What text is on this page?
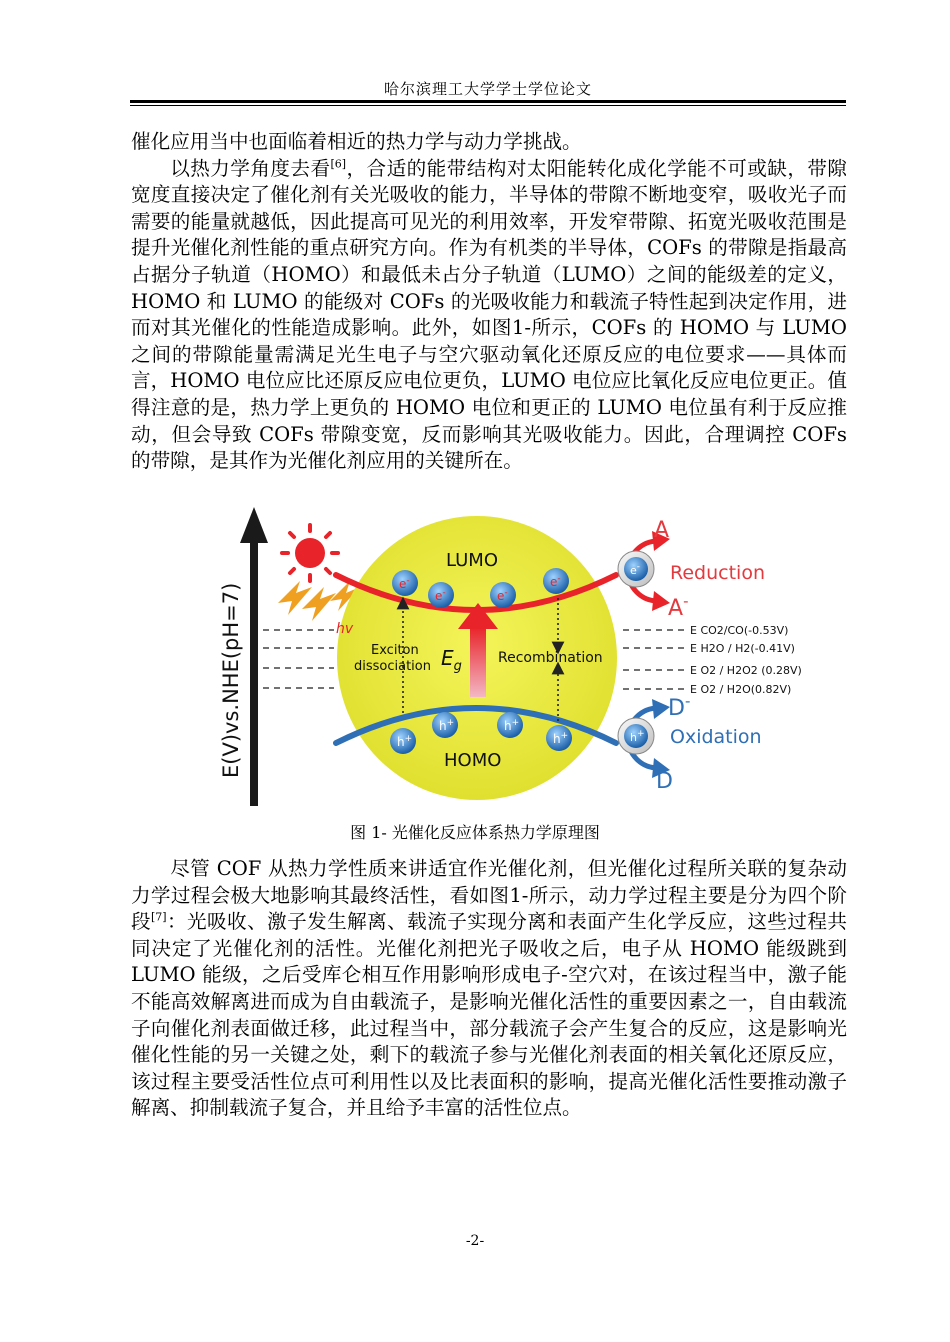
哈尔滨理工大学学士学位论文

催化应用当中也面临着相近的热力学与动力学挑战。

以热力学角度去看[6]，合适的能带结构对太阳能转化成化学能不可或缺，带隙宽度直接决定了催化剂有关光吸收的能力，半导体的带隙不断地变窄，吸收光子而需要的能量就越低，因此提高可见光的利用效率，开发窄带隙、拓宽光吸收范围是提升光催化剂性能的重点研究方向。作为有机类的半导体，COFs 的带隙是指最高占据分子轨道（HOMO）和最低未占分子轨道（LUMO）之间的能级差的定义，HOMO 和 LUMO 的能级对 COFs 的光吸收能力和载流子特性起到决定作用，进而对其光催化的性能造成影响。此外，如图1-所示，COFs 的 HOMO 与 LUMO 之间的带隙能量需满足光生电子与空穴驱动氧化还原反应的电位要求——具体而言，HOMO 电位应比还原反应电位更负，LUMO 电位应比氧化反应电位更正。值得注意的是，热力学上更负的 HOMO 电位和更正的 LUMO 电位虽有利于反应推动，但会导致 COFs 带隙变宽，反而影响其光吸收能力。因此，合理调控 COFs 的带隙，是其作为光催化剂应用的关键所在。

E(V)vs.NHE(pH=7)
LUMO
HOMO
hv
e-
e-	e-
e-
h+
h+	h+
h+
Exciton
dissociation $E_g$
Recombination
e-
A
A-
Reduction
E CO2/CO(-0.53V)
E H2O / H2(-0.41V)
E O2 / H2O2 (0.28V)
E O2 / H2O(0.82V)
h+
D-
Oxidation
D
图 1- 光催化反应体系热力学原理图

尽管 COF 从热力学性质来讲适宜作光催化剂，但光催化过程所关联的复杂动力学过程会极大地影响其最终活性，看如图1-所示，动力学过程主要是分为四个阶段[7]：光吸收、激子发生解离、载流子实现分离和表面产生化学反应，这些过程共同决定了光催化剂的活性。光催化剂把光子吸收之后，电子从 HOMO 能级跳到 LUMO 能级，之后受库仑相互作用影响形成电子-空穴对，在该过程当中，激子能不能高效解离进而成为自由载流子，是影响光催化活性的重要因素之一，自由载流子向催化剂表面做迁移，此过程当中，部分载流子会产生复合的反应，这是影响光催化性能的另一关键之处，剩下的载流子参与光催化剂表面的相关氧化还原反应，该过程主要受活性位点可利用性以及比表面积的影响，提高光催化活性要推动激子解离、抑制载流子复合，并且给予丰富的活性位点。

-2-
